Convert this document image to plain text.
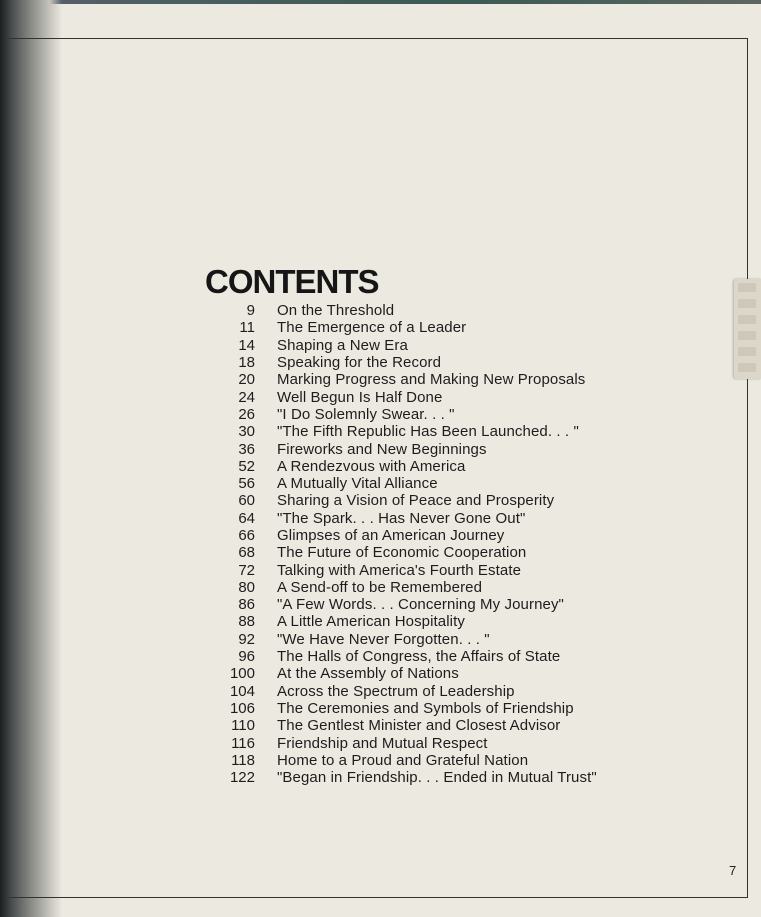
CONTENTS
9 On the Threshold
11 The Emergence of a Leader
14 Shaping a New Era
18 Speaking for the Record
20 Marking Progress and Making New Proposals
24 Well Begun Is Half Done
26 "I Do Solemnly Swear. . . "
30 "The Fifth Republic Has Been Launched. . . "
36 Fireworks and New Beginnings
52 A Rendezvous with America
56 A Mutually Vital Alliance
60 Sharing a Vision of Peace and Prosperity
64 "The Spark. . . Has Never Gone Out"
66 Glimpses of an American Journey
68 The Future of Economic Cooperation
72 Talking with America's Fourth Estate
80 A Send-off to be Remembered
86 "A Few Words. . . Concerning My Journey"
88 A Little American Hospitality
92 "We Have Never Forgotten. . . "
96 The Halls of Congress, the Affairs of State
100 At the Assembly of Nations
104 Across the Spectrum of Leadership
106 The Ceremonies and Symbols of Friendship
110 The Gentlest Minister and Closest Advisor
116 Friendship and Mutual Respect
118 Home to a Proud and Grateful Nation
122 "Began in Friendship. . . Ended in Mutual Trust"
7
